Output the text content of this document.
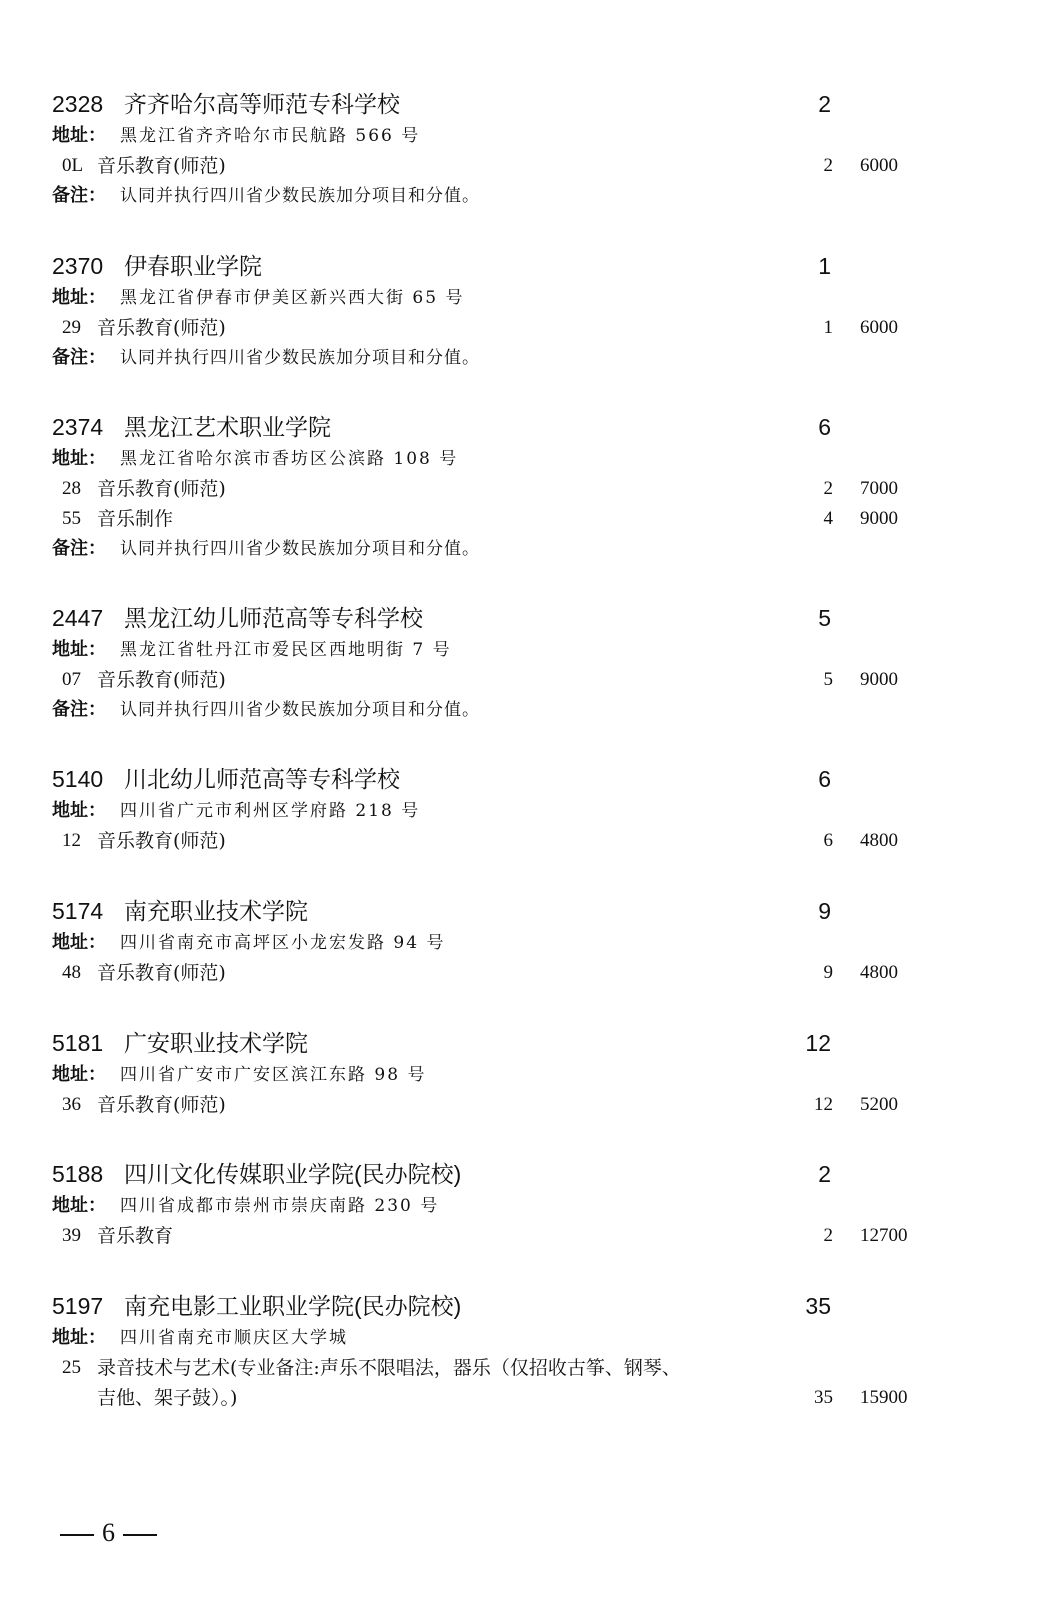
2328 齐齐哈尔高等师范专科学校	2
地址： 黑龙江省齐齐哈尔市民航路 566 号
0L 音乐教育(师范)	2 6000
备注： 认同并执行四川省少数民族加分项目和分值。
2370 伊春职业学院	1
地址： 黑龙江省伊春市伊美区新兴西大街 65 号
29 音乐教育(师范)	1 6000
备注： 认同并执行四川省少数民族加分项目和分值。
2374 黑龙江艺术职业学院	6
地址： 黑龙江省哈尔滨市香坊区公滨路 108 号
28 音乐教育(师范)	2 7000
55 音乐制作	4 9000
备注： 认同并执行四川省少数民族加分项目和分值。
2447 黑龙江幼儿师范高等专科学校	5
地址： 黑龙江省牡丹江市爱民区西地明街 7 号
07 音乐教育(师范)	5 9000
备注： 认同并执行四川省少数民族加分项目和分值。
5140 川北幼儿师范高等专科学校	6
地址： 四川省广元市利州区学府路 218 号
12 音乐教育(师范)	6 4800
5174 南充职业技术学院	9
地址： 四川省南充市高坪区小龙宏发路 94 号
48 音乐教育(师范)	9 4800
5181 广安职业技术学院	12
地址： 四川省广安市广安区滨江东路 98 号
36 音乐教育(师范)	12 5200
5188 四川文化传媒职业学院(民办院校)	2
地址： 四川省成都市崇州市崇庆南路 230 号
39 音乐教育	2 12700
5197 南充电影工业职业学院(民办院校)	35
地址： 四川省南充市顺庆区大学城
25 录音技术与艺术(专业备注:声乐不限唱法，器乐（仅招收古筝、钢琴、
吉他、架子鼓）。)	35 15900
6
